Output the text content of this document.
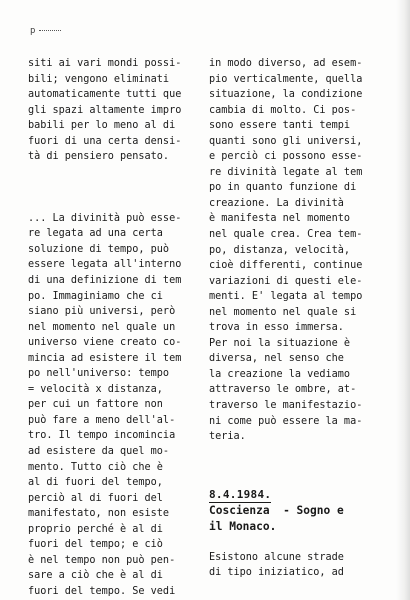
p
siti ai vari mondi possi-
bili; vengono eliminati
automaticamente tutti que
gli spazi altamente impro
babili per lo meno al di
fuori di una certa densi-
tà di pensiero pensato.
... La divinità può esse-
re legata ad una certa
soluzione di tempo, può
essere legata all'interno
di una definizione di tem
po. Immaginiamo che ci
siano più universi, però
nel momento nel quale un
universo viene creato co-
mincia ad esistere il tem
po nell'universo: tempo
= velocità x distanza,
per cui un fattore non
può fare a meno dell'al-
tro. Il tempo incomincia
ad esistere da quel mo-
mento. Tutto ciò che è
al di fuori del tempo,
perciò al di fuori del
manifestato, non esiste
proprio perché è al di
fuori del tempo; e ciò
è nel tempo non può pen-
sare a ciò che è al di
fuori del tempo. Se vedi
in modo diverso, ad esem-
pio verticalmente, quella
situazione, la condizione
cambia di molto. Ci pos-
sono essere tanti tempi
quanti sono gli universi,
e perciò ci possono esse-
re divinità legate al tem
po in quanto funzione di
creazione. La divinità
è manifesta nel momento
nel quale crea. Crea tem-
po, distanza, velocità,
cioè differenti, continue
variazioni di questi ele-
menti. E' legata al tempo
nel momento nel quale si
trova in esso immersa.
Per noi la situazione è
diversa, nel senso che
la creazione la vediamo
attraverso le ombre, at-
traverso le manifestazio-
ni come può essere la ma-
teria.
8.4.1984.
Coscienza  - Sogno e
il Monaco.
Esistono alcune strade
di tipo iniziatico, ad
